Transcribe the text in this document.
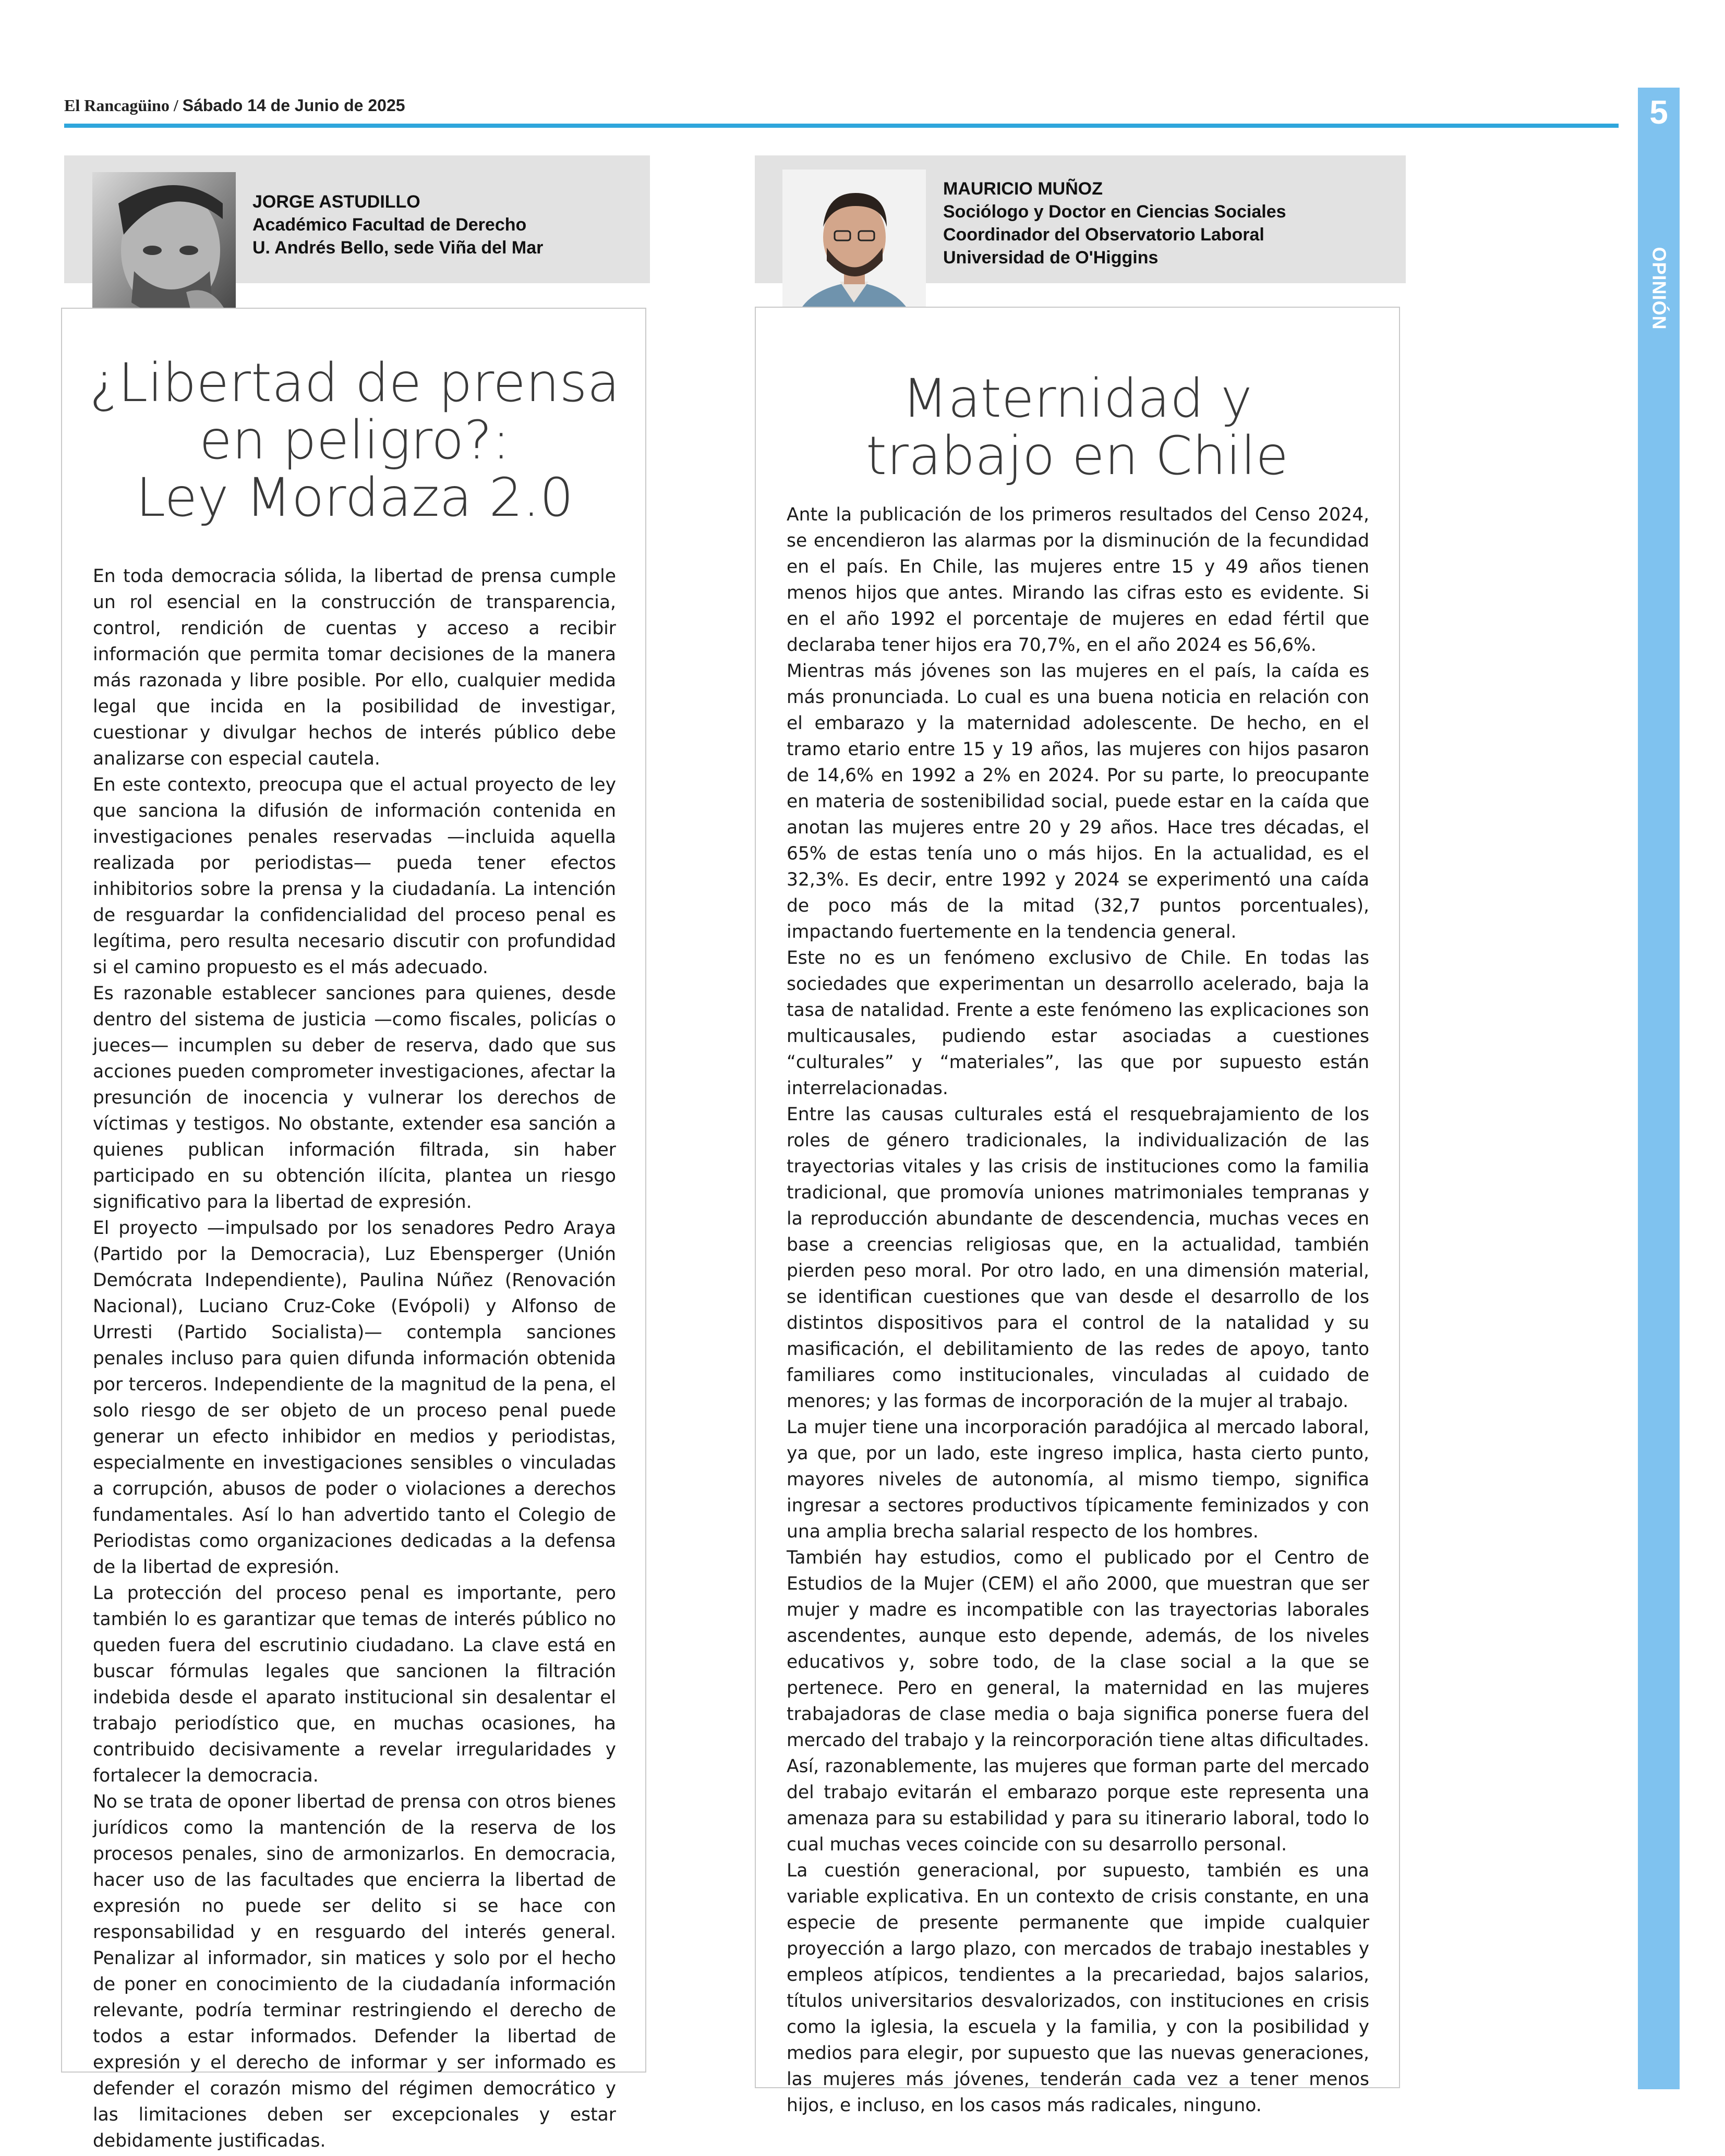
El Rancagüino / Sábado 14 de Junio de 2025	5
OPINIÓN
JORGE ASTUDILLO
Académico Facultad de Derecho
U. Andrés Bello, sede Viña del Mar
¿Libertad de prensa
en peligro?:
Ley Mordaza 2.0

En toda democracia sólida, la libertad de prensa cumple un rol esencial en la construcción de transparencia, control, rendición de cuentas y acceso a recibir información que permita tomar decisiones de la manera más razonada y libre posible. Por ello, cualquier medida legal que incida en la posibilidad de investigar, cuestionar y divulgar hechos de interés público debe analizarse con especial cautela.

En este contexto, preocupa que el actual proyecto de ley que sanciona la difusión de información contenida en investigaciones penales reservadas —incluida aquella realizada por periodistas— pueda tener efectos inhibitorios sobre la prensa y la ciudadanía. La intención de resguardar la confidencialidad del proceso penal es legítima, pero resulta necesario discutir con profundidad si el camino propuesto es el más adecuado.

Es razonable establecer sanciones para quienes, desde dentro del sistema de justicia —como fiscales, policías o jueces— incumplen su deber de reserva, dado que sus acciones pueden comprometer investigaciones, afectar la presunción de inocencia y vulnerar los derechos de víctimas y testigos. No obstante, extender esa sanción a quienes publican información filtrada, sin haber participado en su obtención ilícita, plantea un riesgo significativo para la libertad de expresión.

El proyecto —impulsado por los senadores Pedro Araya (Partido por la Democracia), Luz Ebensperger (Unión Demócrata Independiente), Paulina Núñez (Renovación Nacional), Luciano Cruz-Coke (Evópoli) y Alfonso de Urresti (Partido Socialista)— contempla sanciones penales incluso para quien difunda información obtenida por terceros. Independiente de la magnitud de la pena, el solo riesgo de ser objeto de un proceso penal puede generar un efecto inhibidor en medios y periodistas, especialmente en investigaciones sensibles o vinculadas a corrupción, abusos de poder o violaciones a derechos fundamentales. Así lo han advertido tanto el Colegio de Periodistas como organizaciones dedicadas a la defensa de la libertad de expresión.

La protección del proceso penal es importante, pero también lo es garantizar que temas de interés público no queden fuera del escrutinio ciudadano. La clave está en buscar fórmulas legales que sancionen la filtración indebida desde el aparato institucional sin desalentar el trabajo periodístico que, en muchas ocasiones, ha contribuido decisivamente a revelar irregularidades y fortalecer la democracia.

No se trata de oponer libertad de prensa con otros bienes jurídicos como la mantención de la reserva de los procesos penales, sino de armonizarlos. En democracia, hacer uso de las facultades que encierra la libertad de expresión no puede ser delito si se hace con responsabilidad y en resguardo del interés general. Penalizar al informador, sin matices y solo por el hecho de poner en conocimiento de la ciudadanía información relevante, podría terminar restringiendo el derecho de todos a estar informados. Defender la libertad de expresión y el derecho de informar y ser informado es defender el corazón mismo del régimen democrático y las limitaciones deben ser excepcionales y estar debidamente justificadas.

MAURICIO MUÑOZ
Sociólogo y Doctor en Ciencias Sociales
Coordinador del Observatorio Laboral
Universidad de O'Higgins
Maternidad y
trabajo en Chile

Ante la publicación de los primeros resultados del Censo 2024, se encendieron las alarmas por la disminución de la fecundidad en el país. En Chile, las mujeres entre 15 y 49 años tienen menos hijos que antes. Mirando las cifras esto es evidente. Si en el año 1992 el porcentaje de mujeres en edad fértil que declaraba tener hijos era 70,7%, en el año 2024 es 56,6%.

Mientras más jóvenes son las mujeres en el país, la caída es más pronunciada. Lo cual es una buena noticia en relación con el embarazo y la maternidad adolescente. De hecho, en el tramo etario entre 15 y 19 años, las mujeres con hijos pasaron de 14,6% en 1992 a 2% en 2024. Por su parte, lo preocupante en materia de sostenibilidad social, puede estar en la caída que anotan las mujeres entre 20 y 29 años. Hace tres décadas, el 65% de estas tenía uno o más hijos. En la actualidad, es el 32,3%. Es decir, entre 1992 y 2024 se experimentó una caída de poco más de la mitad (32,7 puntos porcentuales), impactando fuertemente en la tendencia general.

Este no es un fenómeno exclusivo de Chile. En todas las sociedades que experimentan un desarrollo acelerado, baja la tasa de natalidad. Frente a este fenómeno las explicaciones son multicausales, pudiendo estar asociadas a cuestiones “culturales” y “materiales”, las que por supuesto están interrelacionadas.

Entre las causas culturales está el resquebrajamiento de los roles de género tradicionales, la individualización de las trayectorias vitales y las crisis de instituciones como la familia tradicional, que promovía uniones matrimoniales tempranas y la reproducción abundante de descendencia, muchas veces en base a creencias religiosas que, en la actualidad, también pierden peso moral. Por otro lado, en una dimensión material, se identifican cuestiones que van desde el desarrollo de los distintos dispositivos para el control de la natalidad y su masificación, el debilitamiento de las redes de apoyo, tanto familiares como institucionales, vinculadas al cuidado de menores; y las formas de incorporación de la mujer al trabajo.

La mujer tiene una incorporación paradójica al mercado laboral, ya que, por un lado, este ingreso implica, hasta cierto punto, mayores niveles de autonomía, al mismo tiempo, significa ingresar a sectores productivos típicamente feminizados y con una amplia brecha salarial respecto de los hombres.

También hay estudios, como el publicado por el Centro de Estudios de la Mujer (CEM) el año 2000, que muestran que ser mujer y madre es incompatible con las trayectorias laborales ascendentes, aunque esto depende, además, de los niveles educativos y, sobre todo, de la clase social a la que se pertenece. Pero en general, la maternidad en las mujeres trabajadoras de clase media o baja significa ponerse fuera del mercado del trabajo y la reincorporación tiene altas dificultades. Así, razonablemente, las mujeres que forman parte del mercado del trabajo evitarán el embarazo porque este representa una amenaza para su estabilidad y para su itinerario laboral, todo lo cual muchas veces coincide con su desarrollo personal.

La cuestión generacional, por supuesto, también es una variable explicativa. En un contexto de crisis constante, en una especie de presente permanente que impide cualquier proyección a largo plazo, con mercados de trabajo inestables y empleos atípicos, tendientes a la precariedad, bajos salarios, títulos universitarios desvalorizados, con instituciones en crisis como la iglesia, la escuela y la familia, y con la posibilidad y medios para elegir, por supuesto que las nuevas generaciones, las mujeres más jóvenes, tenderán cada vez a tener menos hijos, e incluso, en los casos más radicales, ninguno.
